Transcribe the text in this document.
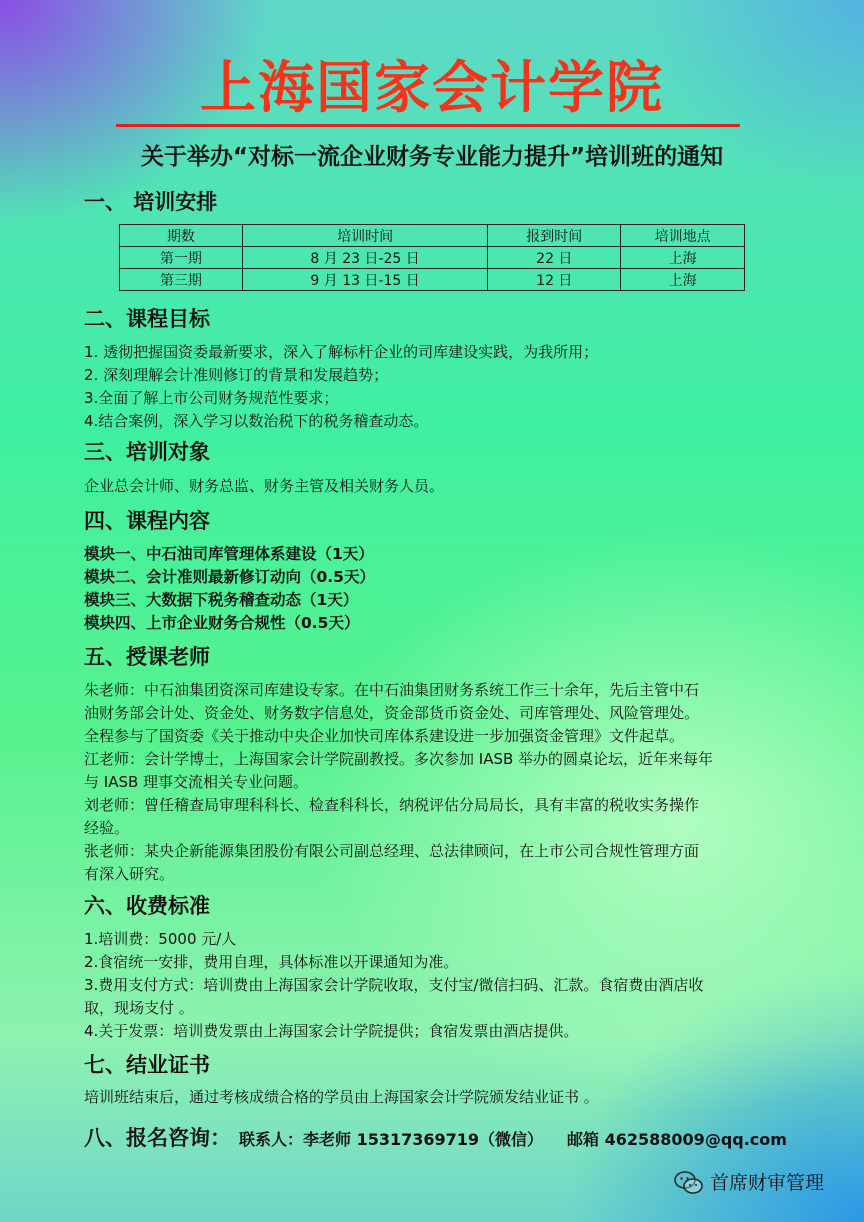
上海国家会计学院
关于举办“对标一流企业财务专业能力提升”培训班的通知
一、 培训安排
期数	培训时间	报到时间	培训地点
第一期	8 月 23 日-25 日	22 日	上海
第三期	9 月 13 日-15 日	12 日	上海
二、课程目标
1. 透彻把握国资委最新要求，深入了解标杆企业的司库建设实践，为我所用；
2. 深刻理解会计准则修订的背景和发展趋势；
3.全面了解上市公司财务规范性要求；
4.结合案例，深入学习以数治税下的税务稽查动态。
三、培训对象
企业总会计师、财务总监、财务主管及相关财务人员。
四、课程内容
模块一、中石油司库管理体系建设（1天）
模块二、会计准则最新修订动向（0.5天）
模块三、大数据下税务稽查动态（1天）
模块四、上市企业财务合规性（0.5天）
五、授课老师
朱老师：中石油集团资深司库建设专家。在中石油集团财务系统工作三十余年，先后主管中石
油财务部会计处、资金处、财务数字信息处，资金部货币资金处、司库管理处、风险管理处。
全程参与了国资委《关于推动中央企业加快司库体系建设进一步加强资金管理》文件起草。
江老师：会计学博士，上海国家会计学院副教授。多次参加 IASB 举办的圆桌论坛，近年来每年
与 IASB 理事交流相关专业问题。
刘老师：曾任稽查局审理科科长、检查科科长，纳税评估分局局长，具有丰富的税收实务操作
经验。
张老师：某央企新能源集团股份有限公司副总经理、总法律顾问，在上市公司合规性管理方面
有深入研究。
六、收费标准
1.培训费：5000 元/人
2.食宿统一安排，费用自理，具体标准以开课通知为准。
3.费用支付方式：培训费由上海国家会计学院收取，支付宝/微信扫码、汇款。食宿费由酒店收
取，现场支付 。
4.关于发票：培训费发票由上海国家会计学院提供；食宿发票由酒店提供。
七、结业证书
培训班结束后，通过考核成绩合格的学员由上海国家会计学院颁发结业证书 。
八、报名咨询： 联系人：李老师 15317369719（微信） 邮箱 462588009@qq.com
首席财审管理
